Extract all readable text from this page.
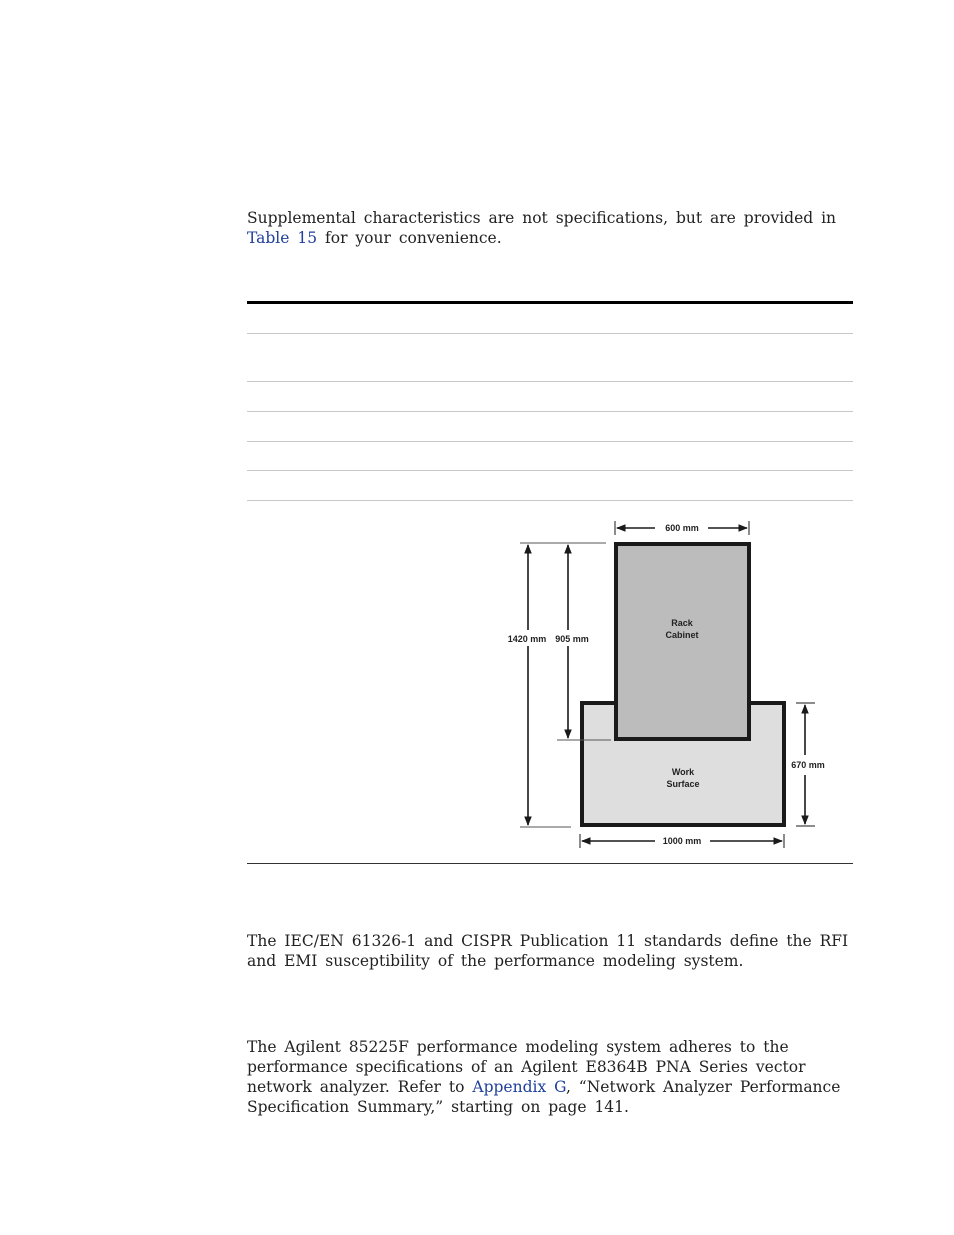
Supplemental characteristics are not specifications, but are provided in
Table 15 for your convenience.

600 mm
Rack
Cabinet
1420 mm 905 mm
670 mm
Work
Surface
1000 mm

The IEC/EN 61326-1 and CISPR Publication 11 standards define the RFI
and EMI susceptibility of the performance modeling system.

The Agilent 85225F performance modeling system adheres to the
performance specifications of an Agilent E8364B PNA Series vector
network analyzer. Refer to Appendix G, “Network Analyzer Performance
Specification Summary,” starting on page 141.
